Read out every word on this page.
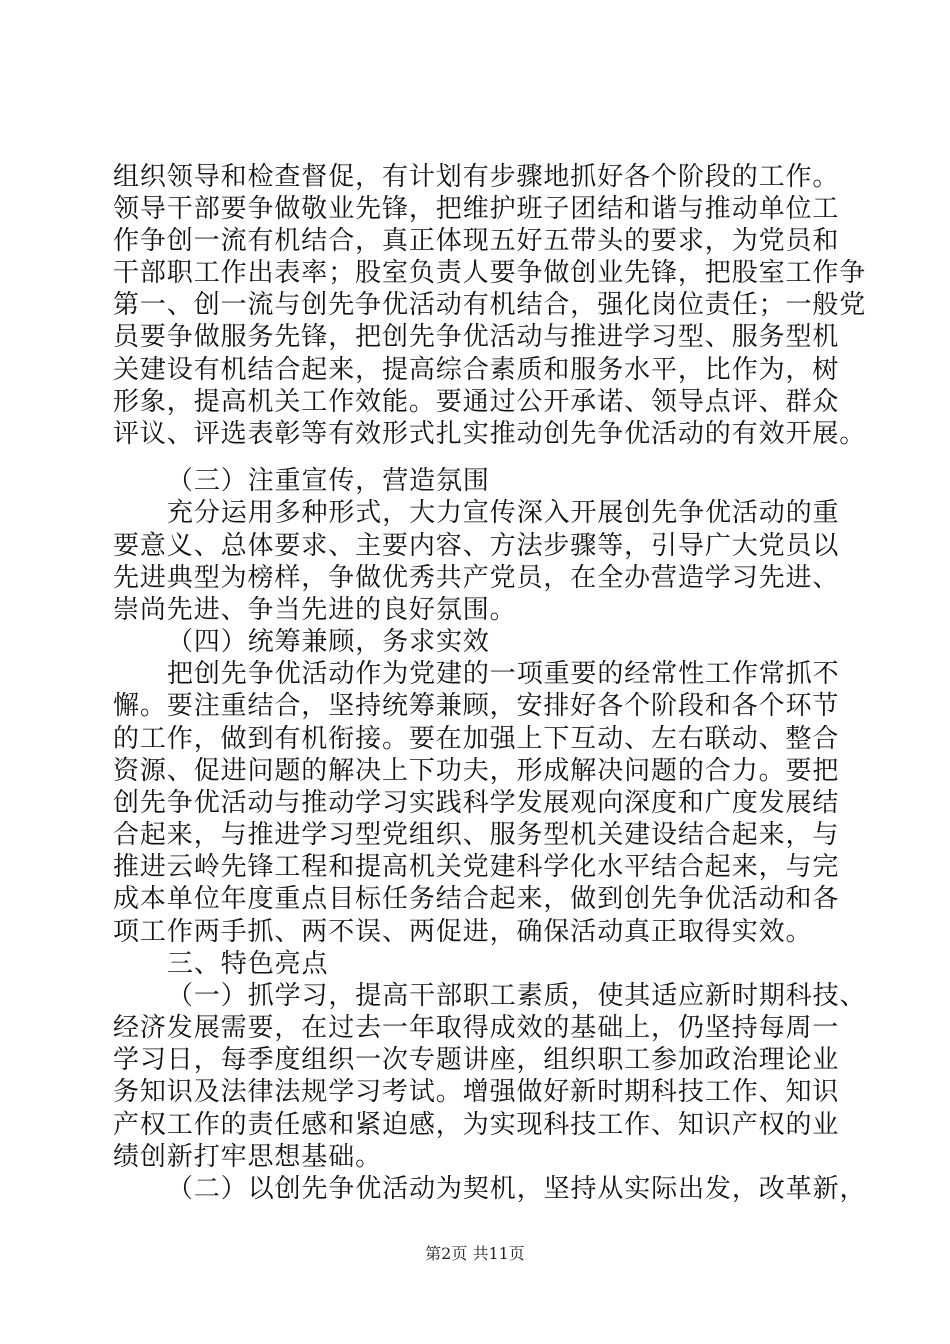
组织领导和检查督促，有计划有步骤地抓好各个阶段的工作。
领导干部要争做敬业先锋，把维护班子团结和谐与推动单位工
作争创一流有机结合，真正体现五好五带头的要求，为党员和
干部职工作出表率；股室负责人要争做创业先锋，把股室工作争
第一、创一流与创先争优活动有机结合，强化岗位责任；一般党
员要争做服务先锋，把创先争优活动与推进学习型、服务型机
关建设有机结合起来，提高综合素质和服务水平，比作为，树
形象，提高机关工作效能。要通过公开承诺、领导点评、群众
评议、评选表彰等有效形式扎实推动创先争优活动的有效开展。
（三）注重宣传，营造氛围
充分运用多种形式，大力宣传深入开展创先争优活动的重
要意义、总体要求、主要内容、方法步骤等，引导广大党员以
先进典型为榜样，争做优秀共产党员，在全办营造学习先进、
崇尚先进、争当先进的良好氛围。
（四）统筹兼顾，务求实效
把创先争优活动作为党建的一项重要的经常性工作常抓不
懈。要注重结合，坚持统筹兼顾，安排好各个阶段和各个环节
的工作，做到有机衔接。要在加强上下互动、左右联动、整合
资源、促进问题的解决上下功夫，形成解决问题的合力。要把
创先争优活动与推动学习实践科学发展观向深度和广度发展结
合起来，与推进学习型党组织、服务型机关建设结合起来，与
推进云岭先锋工程和提高机关党建科学化水平结合起来，与完
成本单位年度重点目标任务结合起来，做到创先争优活动和各
项工作两手抓、两不误、两促进，确保活动真正取得实效。
三、特色亮点
（一）抓学习，提高干部职工素质，使其适应新时期科技、
经济发展需要，在过去一年取得成效的基础上，仍坚持每周一
学习日，每季度组织一次专题讲座，组织职工参加政治理论业
务知识及法律法规学习考试。增强做好新时期科技工作、知识
产权工作的责任感和紧迫感，为实现科技工作、知识产权的业
绩创新打牢思想基础。
（二）以创先争优活动为契机，坚持从实际出发，改革新，
第2页 共11页
